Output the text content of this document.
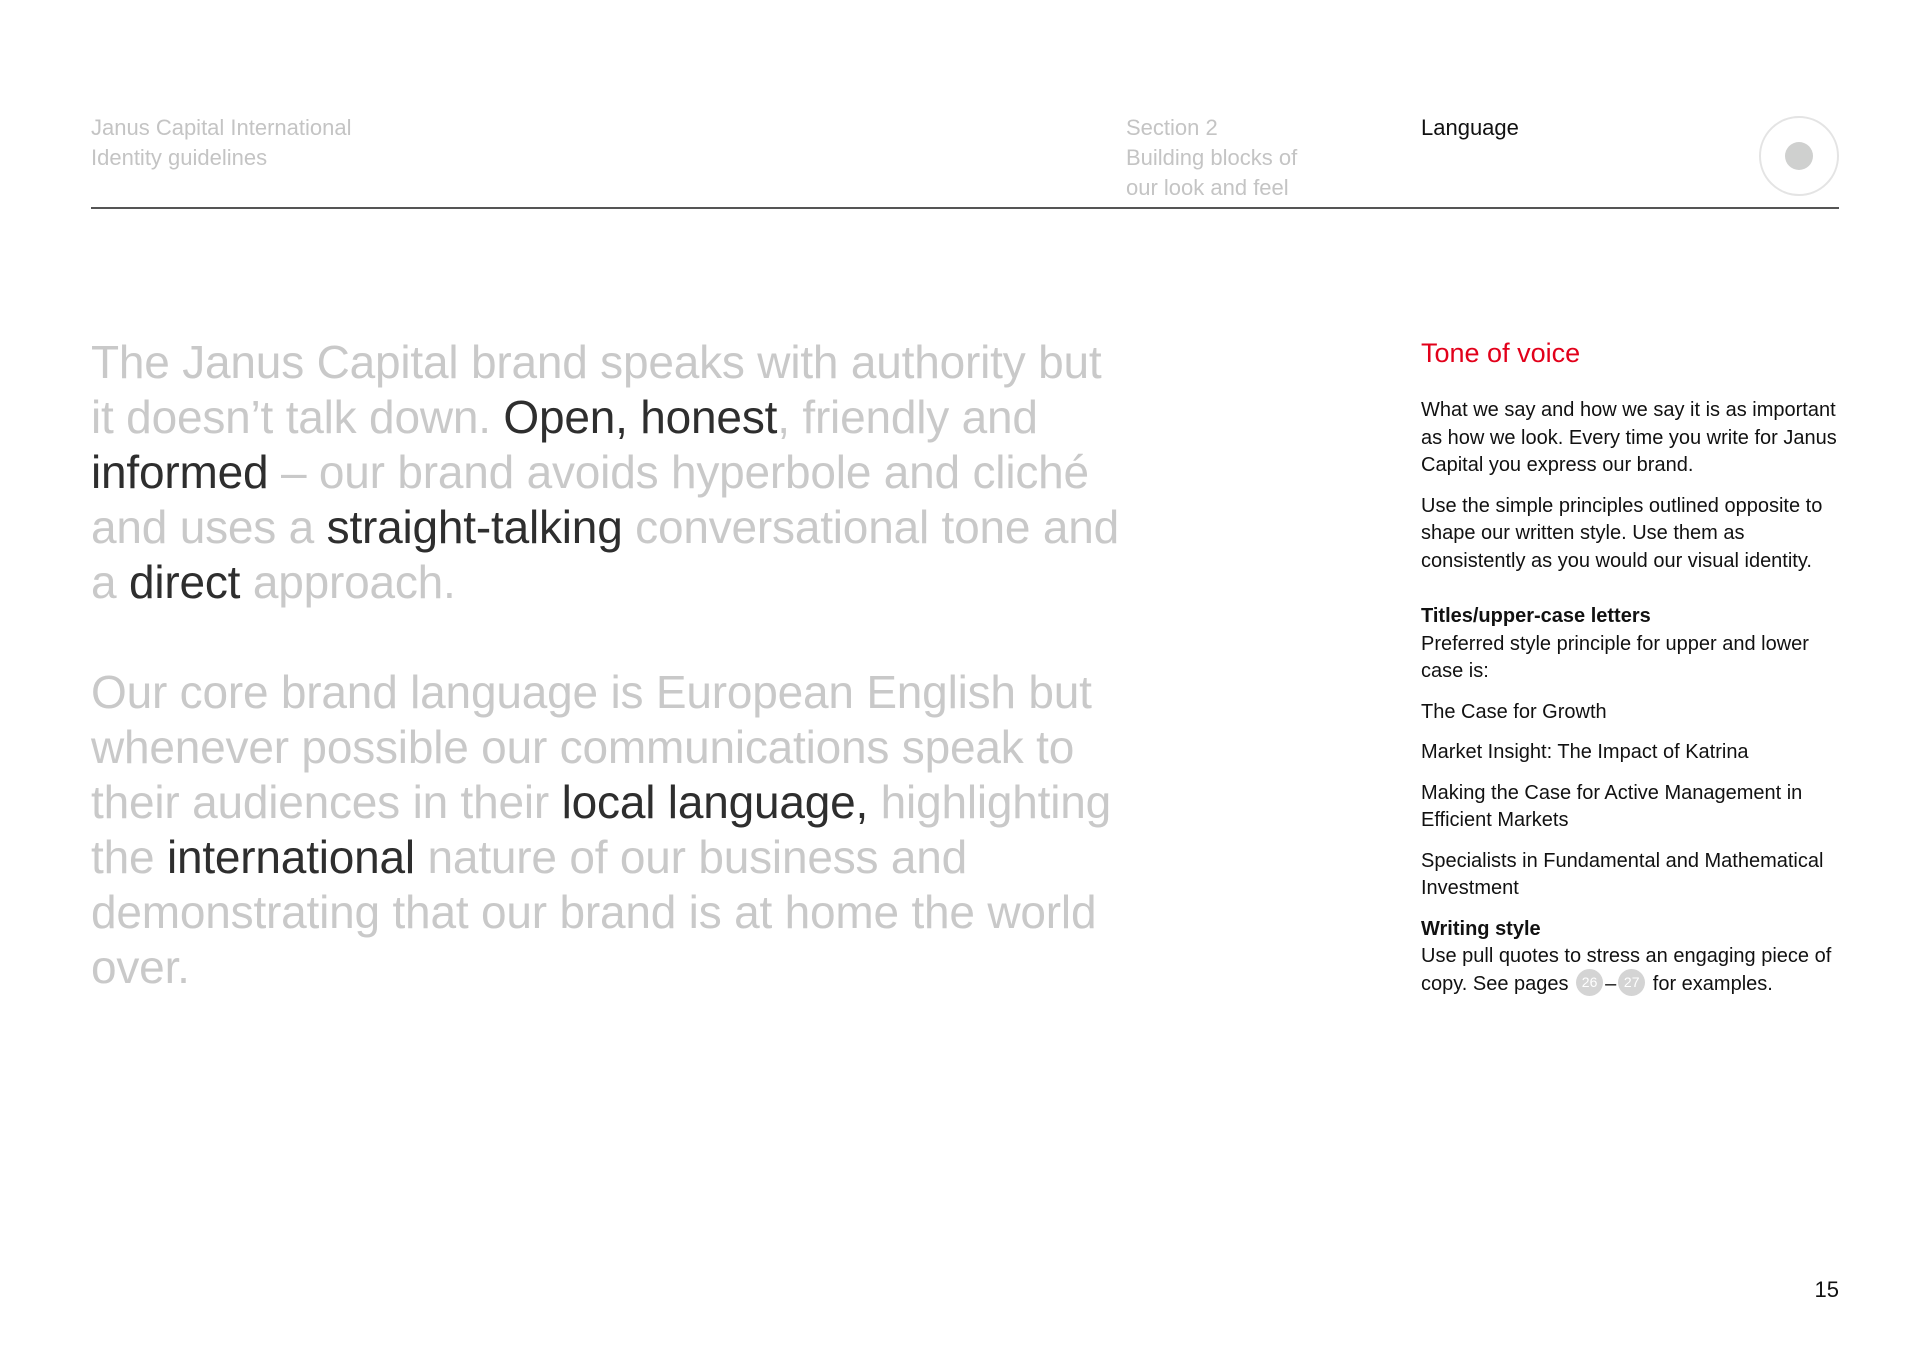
Janus Capital International
Identity guidelines
Section 2
Building blocks of
our look and feel
Language
The Janus Capital brand speaks with authority but it doesn’t talk down. Open, honest, friendly and informed – our brand avoids hyperbole and cliché and uses a straight-talking conversational tone and a direct approach.
Our core brand language is European English but whenever possible our communications speak to their audiences in their local language, highlighting the international nature of our business and demonstrating that our brand is at home the world over.
Tone of voice

What we say and how we say it is as important as how we look. Every time you write for Janus Capital you express our brand.

Use the simple principles outlined opposite to shape our written style. Use them as consistently as you would our visual identity.

Titles/upper-case letters

Preferred style principle for upper and lower case is:

The Case for Growth

Market Insight: The Impact of Katrina

Making the Case for Active Management in Efficient Markets

Specialists in Fundamental and Mathematical Investment

Writing style
Use pull quotes to stress an engaging piece of copy. See pages 26 – 27 for examples.
15
